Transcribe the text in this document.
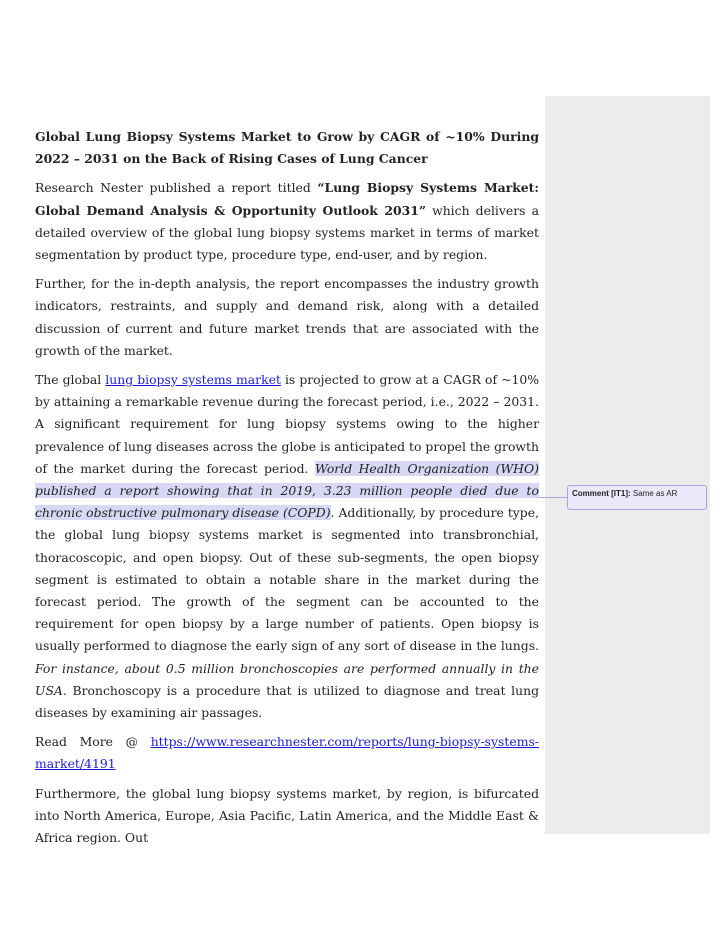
Comment [IT1]: Same as AR

Global Lung Biopsy Systems Market to Grow by CAGR of ~10% During 2022 – 2031 on the Back of Rising Cases of Lung Cancer

Research Nester published a report titled “Lung Biopsy Systems Market: Global Demand Analysis & Opportunity Outlook 2031” which delivers a detailed overview of the global lung biopsy systems market in terms of market segmentation by product type, procedure type, end-user, and by region.

Further, for the in-depth analysis, the report encompasses the industry growth indicators, restraints, and supply and demand risk, along with a detailed discussion of current and future market trends that are associated with the growth of the market.

The global lung biopsy systems market is projected to grow at a CAGR of ~10% by attaining a remarkable revenue during the forecast period, i.e., 2022 – 2031. A significant requirement for lung biopsy systems owing to the higher prevalence of lung diseases across the globe is anticipated to propel the growth of the market during the forecast period. World Health Organization (WHO) published a report showing that in 2019, 3.23 million people died due to chronic obstructive pulmonary disease (COPD). Additionally, by procedure type, the global lung biopsy systems market is segmented into transbronchial, thoracoscopic, and open biopsy. Out of these sub-segments, the open biopsy segment is estimated to obtain a notable share in the market during the forecast period. The growth of the segment can be accounted to the requirement for open biopsy by a large number of patients. Open biopsy is usually performed to diagnose the early sign of any sort of disease in the lungs. For instance, about 0.5 million bronchoscopies are performed annually in the USA. Bronchoscopy is a procedure that is utilized to diagnose and treat lung diseases by examining air passages.

Read More @ https://www.researchnester.com/reports/lung-biopsy-systems-market/4191

Furthermore, the global lung biopsy systems market, by region, is bifurcated into North America, Europe, Asia Pacific, Latin America, and the Middle East & Africa region. Out
